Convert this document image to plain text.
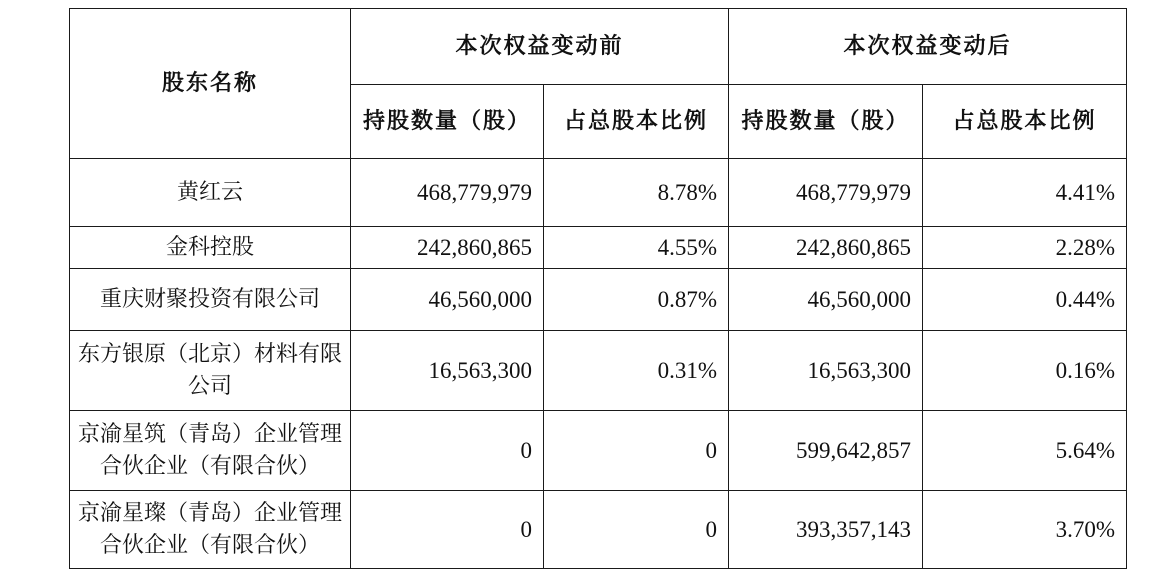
股东名称	本次权益变动前		本次权益变动后	
	持股数量（股）	占总股本比例	持股数量（股）	占总股本比例
黄红云	468,779,979	8.78%	468,779,979	4.41%
金科控股	242,860,865	4.55%	242,860,865	2.28%
重庆财聚投资有限公司	46,560,000	0.87%	46,560,000	0.44%
东方银原（北京）材料有限公司	16,563,300	0.31%	16,563,300	0.16%
京渝星筑（青岛）企业管理合伙企业（有限合伙）	0	0	599,642,857	5.64%
京渝星璨（青岛）企业管理合伙企业（有限合伙）	0	0	393,357,143	3.70%
